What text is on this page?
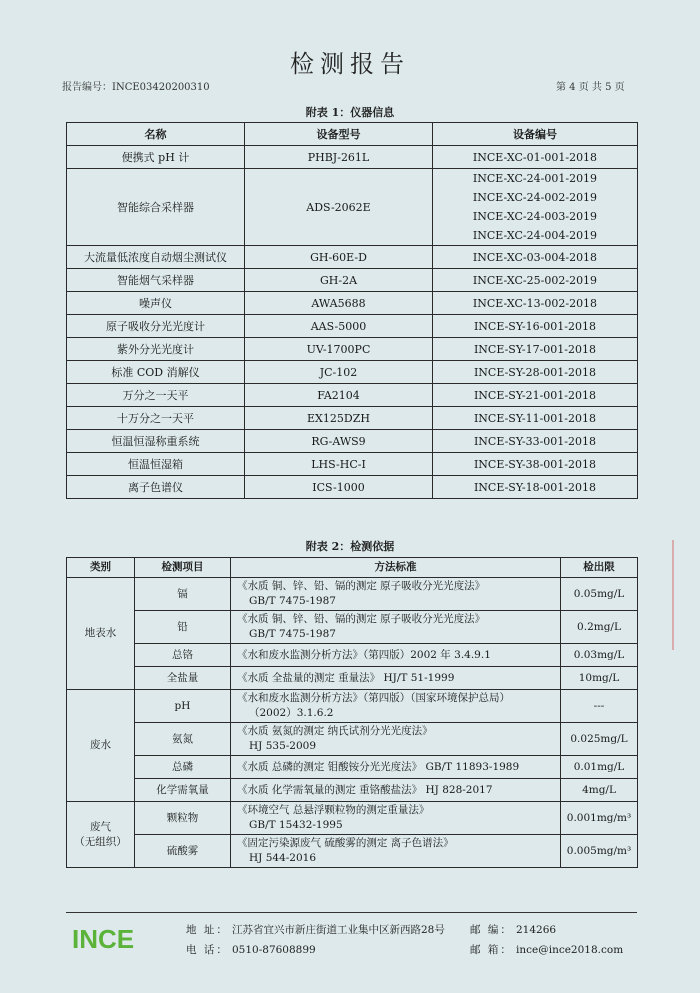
检测报告
报告编号：INCE03420200310	第 4 页 共 5 页
附表 1：仪器信息
名称	设备型号	设备编号
便携式 pH 计	PHBJ-261L	INCE-XC-01-001-2018

智能综合采样器	ADS-2062E	INCE-XC-24-001-2019
INCE-XC-24-002-2019
INCE-XC-24-003-2019
INCE-XC-24-004-2019

大流量低浓度自动烟尘测试仪	GH-60E-D	INCE-XC-03-004-2018

智能烟气采样器	GH-2A	INCE-XC-25-002-2019

噪声仪	AWA5688	INCE-XC-13-002-2018

原子吸收分光光度计	AAS-5000	INCE-SY-16-001-2018

紫外分光光度计	UV-1700PC	INCE-SY-17-001-2018

标准 COD 消解仪	JC-102	INCE-SY-28-001-2018

万分之一天平	FA2104	INCE-SY-21-001-2018

十万分之一天平	EX125DZH	INCE-SY-11-001-2018

恒温恒湿称重系统	RG-AWS9	INCE-SY-33-001-2018

恒温恒湿箱	LHS-HC-I	INCE-SY-38-001-2018

离子色谱仪	ICS-1000	INCE-SY-18-001-2018
附表 2：检测依据
类别	检测项目	方法标准	检出限
地表水	镉	《水质 铜、锌、铅、镉的测定 原子吸收分光光度法》
GB/T 7475-1987	0.05mg/L
	铅	《水质 铜、锌、铅、镉的测定 原子吸收分光光度法》
GB/T 7475-1987	0.2mg/L
	总铬	《水和废水监测分析方法》（第四版）2002 年 3.4.9.1	0.03mg/L
	全盐量	《水质 全盐量的测定 重量法》 HJ/T 51-1999	10mg/L
废水	pH	《水和废水监测分析方法》（第四版）（国家环境保护总局）
（2002）3.1.6.2	---
	氨氮	《水质 氨氮的测定 纳氏试剂分光光度法》
HJ 535-2009	0.025mg/L
	总磷	《水质 总磷的测定 钼酸铵分光光度法》 GB/T 11893-1989	0.01mg/L
	化学需氧量	《水质 化学需氧量的测定 重铬酸盐法》 HJ 828-2017	4mg/L

废气
（无组织）	颗粒物	《环境空气 总悬浮颗粒物的测定重量法》
GB/T 15432-1995	0.001mg/m³
	硫酸雾	《固定污染源废气 硫酸雾的测定 离子色谱法》
HJ 544-2016	0.005mg/m³
INCE	地 址： 江苏省宜兴市新庄街道工业集中区新西路28号 邮 编： 214266
电 话： 0510-87608899	邮 箱： ince@ince2018.com
